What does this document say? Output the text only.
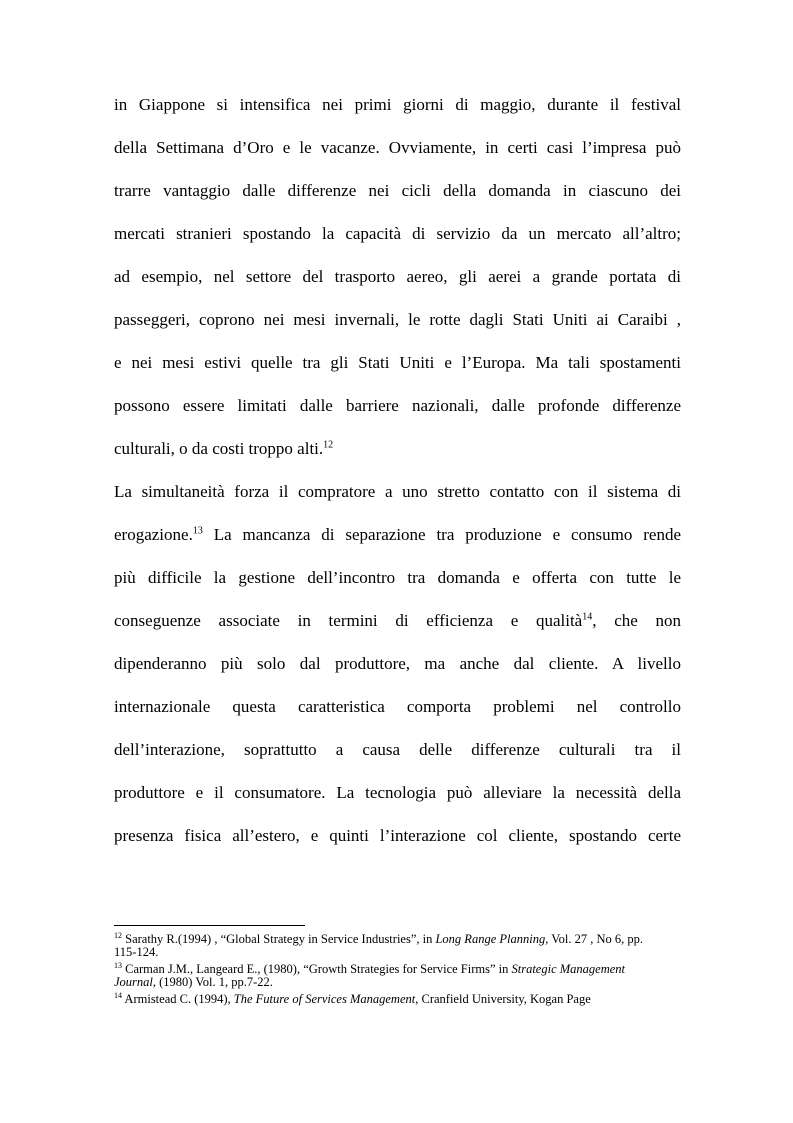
in Giappone si intensifica nei primi giorni di maggio, durante il festival
della Settimana d’Oro e le vacanze. Ovviamente, in certi casi l’impresa può
trarre vantaggio dalle differenze nei cicli della domanda in ciascuno dei
mercati stranieri spostando la capacità di servizio da un mercato all’altro;
ad esempio, nel settore del trasporto aereo, gli aerei a grande portata di
passeggeri, coprono nei mesi invernali, le rotte dagli Stati Uniti ai Caraibi ,
e nei mesi estivi quelle tra gli Stati Uniti e l’Europa. Ma tali spostamenti
possono essere limitati dalle barriere nazionali, dalle profonde differenze
culturali, o da costi troppo alti.$^{12}$
La simultaneità forza il compratore a uno stretto contatto con il sistema di
erogazione.$^{13}$ La mancanza di separazione tra produzione e consumo rende
più difficile la gestione dell’incontro tra domanda e offerta con tutte le
conseguenze associate in termini di efficienza e qualità$^{14}$, che non
dipenderanno più solo dal produttore, ma anche dal cliente. A livello
internazionale questa caratteristica comporta problemi nel controllo
dell’interazione, soprattutto a causa delle differenze culturali tra il
produttore e il consumatore. La tecnologia può alleviare la necessità della
presenza fisica all’estero, e quinti l’interazione col cliente, spostando certe
$^{12}$ Sarathy R.(1994) , “Global Strategy in Service Industries”, in Long Range Planning, Vol. 27 , No 6, pp.
115-124.
$^{13}$ Carman J.M., Langeard E., (1980), “Growth Strategies for Service Firms” in Strategic Management
Journal, (1980) Vol. 1, pp.7-22.
$^{14}$ Armistead C. (1994), The Future of Services Management, Cranfield University, Kogan Page
